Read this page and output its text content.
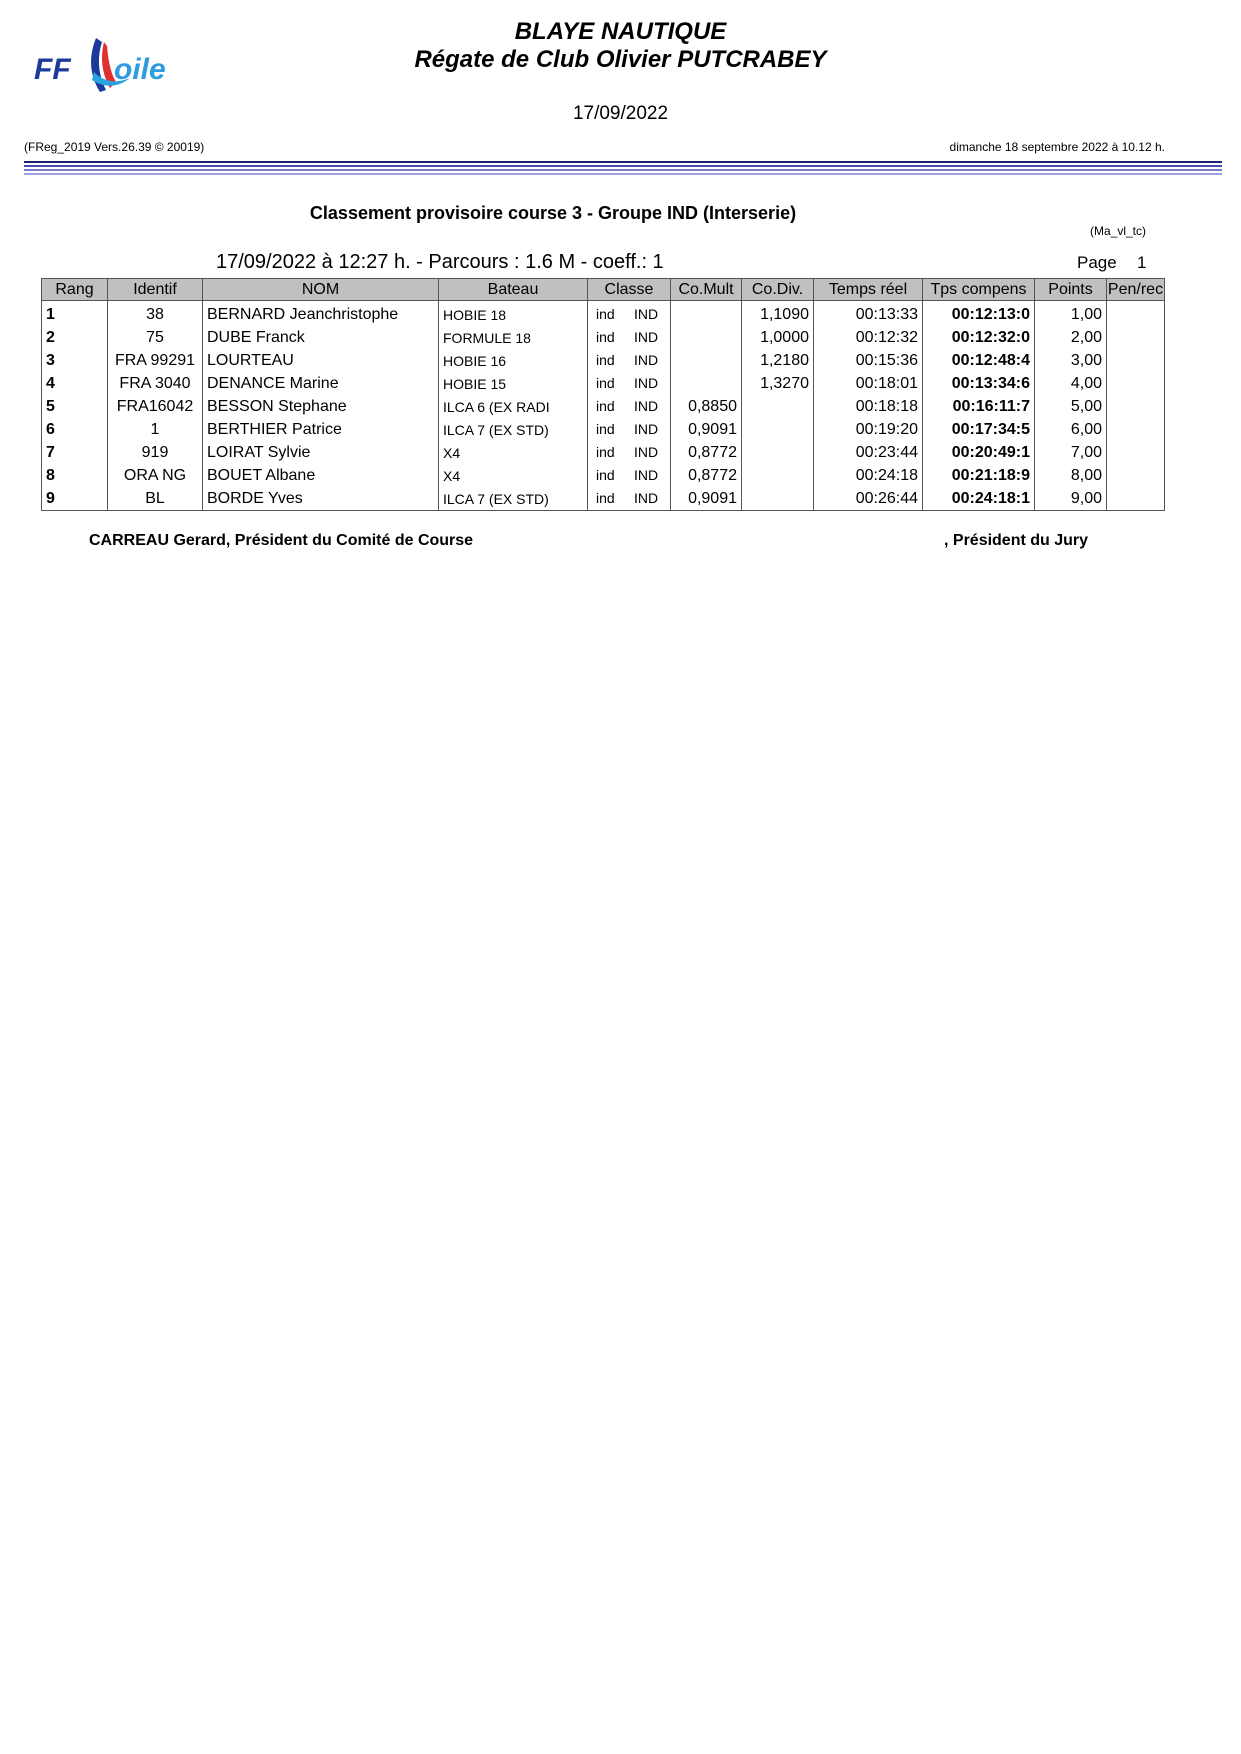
FF oile
BLAYE NAUTIQUE
Régate de Club Olivier PUTCRABEY
17/09/2022
(FReg_2019 Vers.26.39 © 20019)	dimanche 18 septembre 2022 à 10.12 h.
Classement provisoire course 3 - Groupe IND (Interserie)
(Ma_vl_tc)
17/09/2022 à 12:27 h. - Parcours : 1.6 M - coeff.: 1	Page 1
Rang	Identif	NOM	Bateau	Classe	Co.Mult	Co.Div.	Temps réel	Tps compens	Points	Pen/rec
1	38	BERNARD Jeanchristophe	HOBIE 18	ind IND		1,1090	00:13:33	00:12:13:0	1,00	
2	75	DUBE Franck	FORMULE 18	ind IND		1,0000	00:12:32	00:12:32:0	2,00	
3	FRA 99291	LOURTEAU	HOBIE 16	ind IND		1,2180	00:15:36	00:12:48:4	3,00	
4	FRA 3040	DENANCE Marine	HOBIE 15	ind IND		1,3270	00:18:01	00:13:34:6	4,00	
5	FRA16042	BESSON Stephane	ILCA 6 (EX RADI	ind IND	0,8850		00:18:18	00:16:11:7	5,00	
6	1	BERTHIER Patrice	ILCA 7 (EX STD)	ind IND	0,9091		00:19:20	00:17:34:5	6,00	
7	919	LOIRAT Sylvie	X4	ind IND	0,8772		00:23:44	00:20:49:1	7,00	
8	ORA NG	BOUET Albane	X4	ind IND	0,8772		00:24:18	00:21:18:9	8,00	
9	BL	BORDE Yves	ILCA 7 (EX STD)	ind IND	0,9091		00:26:44	00:24:18:1	9,00	
CARREAU Gerard, Président du Comité de Course	, Président du Jury
